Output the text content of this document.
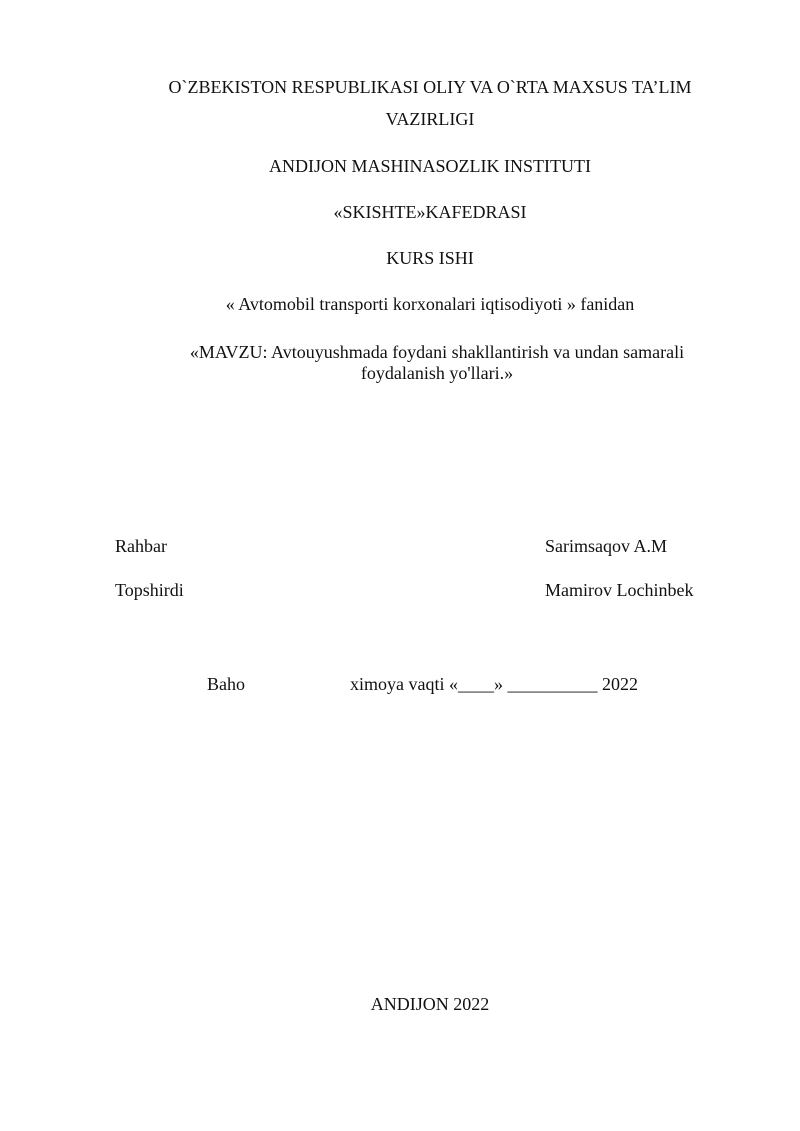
O`ZBEKISTON RESPUBLIKASI OLIY VA O`RTA MAXSUS TA’LIM
VAZIRLIGI
ANDIJON MASHINASOZLIK INSTITUTI
«SKISHTE»KAFEDRASI
KURS ISHI
« Avtomobil transporti korxonalari iqtisodiyoti » fanidan
«MAVZU: Avtouyushmada foydani shakllantirish va undan samarali
foydalanish yo'llari.»
Rahbar	Sarimsaqov A.M
Topshirdi	Mamirov Lochinbek
Baho	ximoya vaqti «____» __________ 2022
ANDIJON 2022
